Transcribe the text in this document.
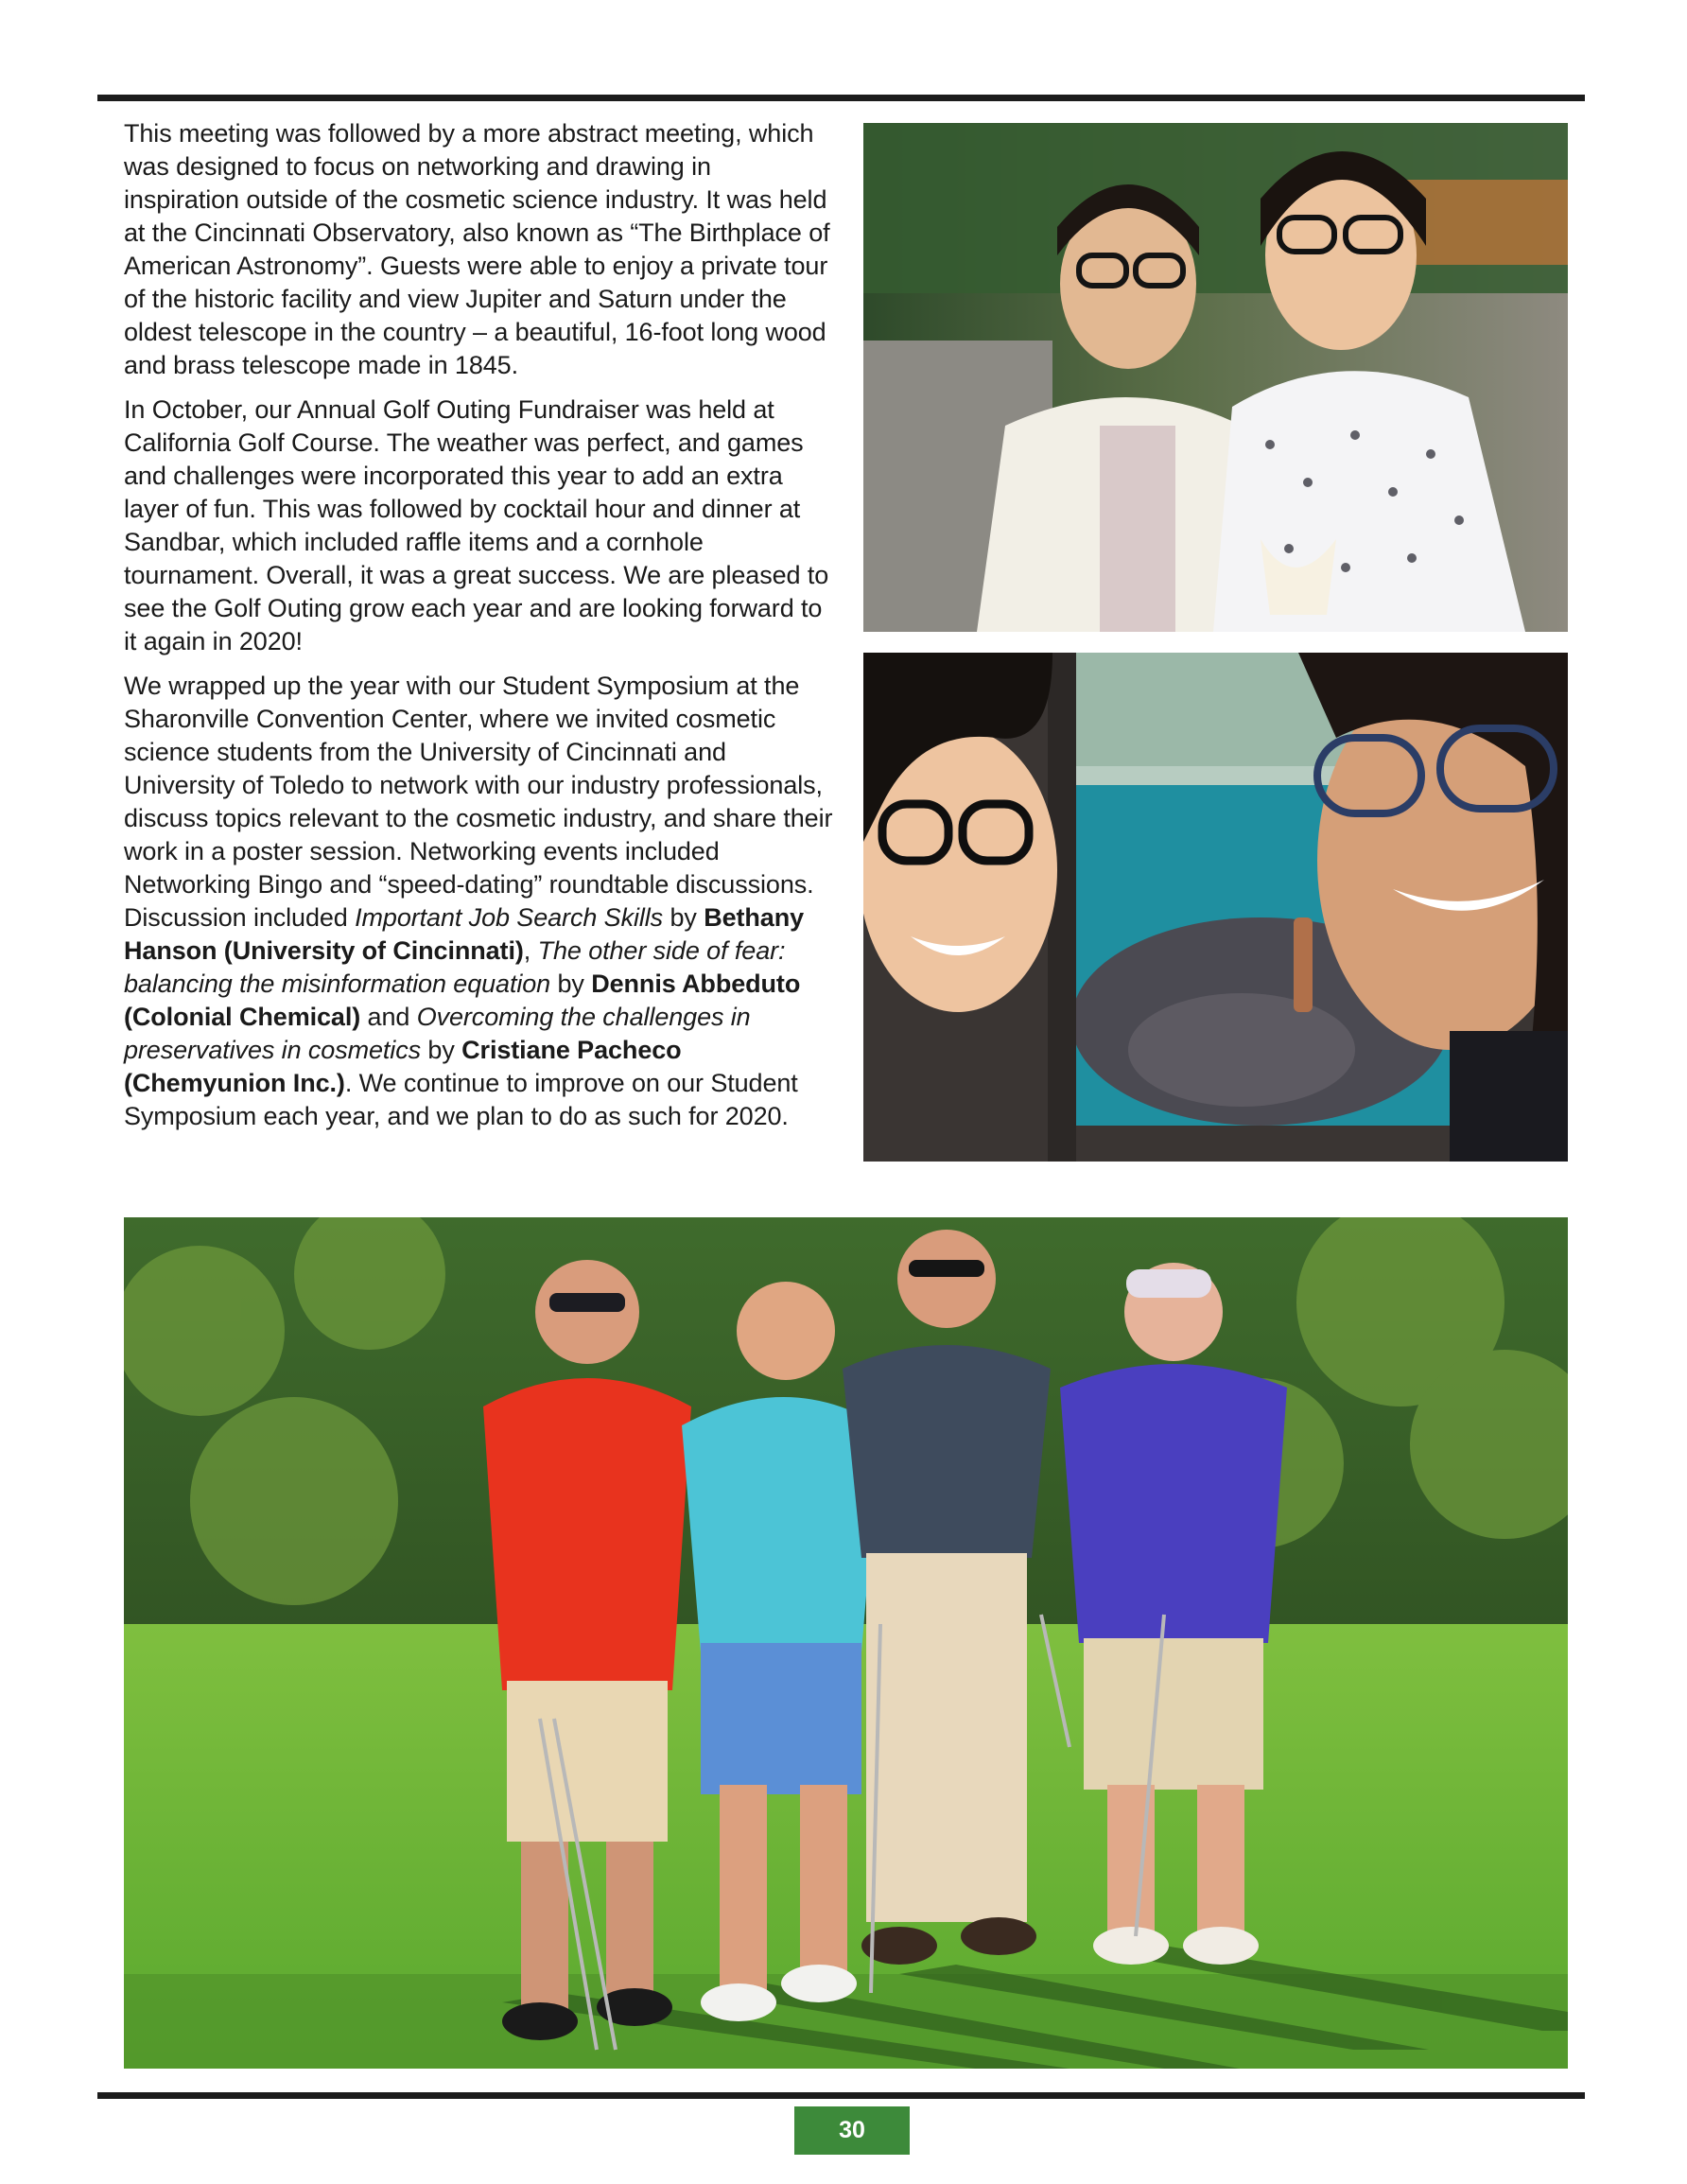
This meeting was followed by a more abstract meeting, which was designed to focus on networking and drawing in inspiration outside of the cosmetic science industry. It was held at the Cincinnati Observatory, also known as “The Birthplace of American Astronomy”. Guests were able to enjoy a private tour of the historic facility and view Jupiter and Saturn under the oldest telescope in the country – a beautiful, 16-foot long wood and brass telescope made in 1845.

In October, our Annual Golf Outing Fundraiser was held at California Golf Course. The weather was perfect, and games and challenges were incorporated this year to add an extra layer of fun. This was followed by cocktail hour and dinner at Sandbar, which included raffle items and a cornhole tournament. Overall, it was a great success. We are pleased to see the Golf Outing grow each year and are looking forward to it again in 2020!

We wrapped up the year with our Student Symposium at the Sharonville Convention Center, where we invited cosmetic science students from the University of Cincinnati and University of Toledo to network with our industry professionals, discuss topics relevant to the cosmetic industry, and share their work in a poster session. Networking events included Networking Bingo and “speed-dating” roundtable discussions. Discussion included Important Job Search Skills by Bethany Hanson (University of Cincinnati), The other side of fear: balancing the misinformation equation by Dennis Abbeduto (Colonial Chemical) and Overcoming the challenges in preservatives in cosmetics by Cristiane Pacheco (Chemyunion Inc.). We continue to improve on our Student Symposium each year, and we plan to do as such for 2020.

30
